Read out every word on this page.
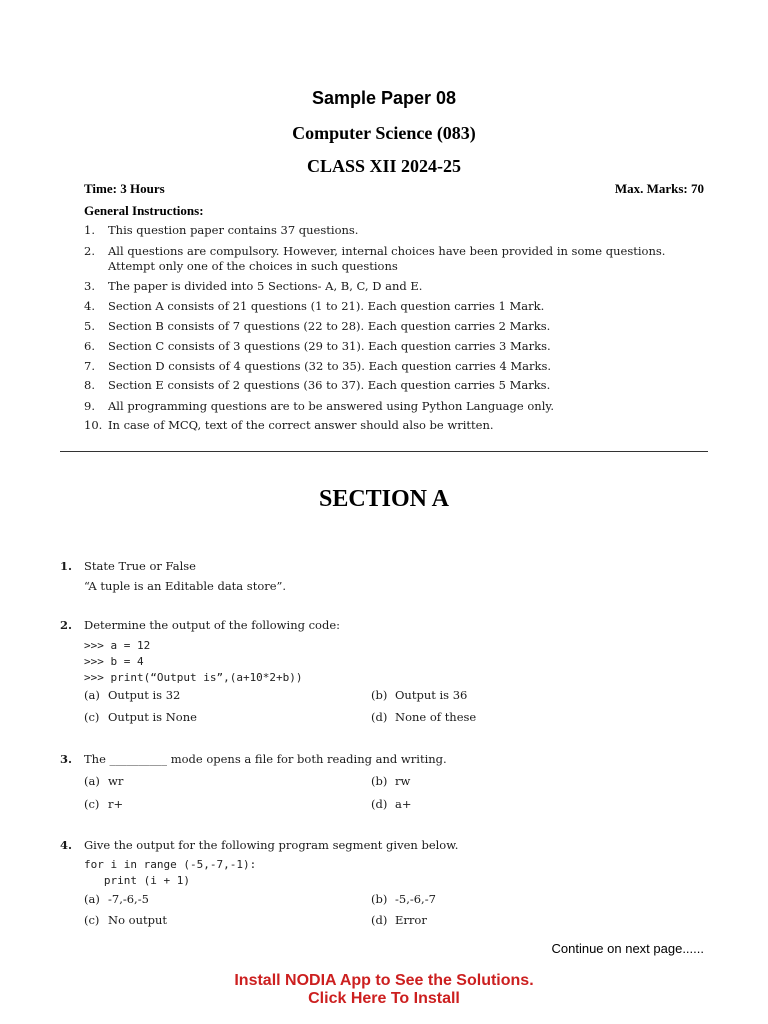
Sample Paper 08
Computer Science (083)
CLASS XII 2024-25
Time: 3 Hours	Max. Marks: 70
General Instructions:
1. This question paper contains 37 questions.
2. All questions are compulsory. However, internal choices have been provided in some questions. Attempt only one of the choices in such questions
3. The paper is divided into 5 Sections- A, B, C, D and E.
4. Section A consists of 21 questions (1 to 21). Each question carries 1 Mark.
5. Section B consists of 7 questions (22 to 28). Each question carries 2 Marks.
6. Section C consists of 3 questions (29 to 31). Each question carries 3 Marks.
7. Section D consists of 4 questions (32 to 35). Each question carries 4 Marks.
8. Section E consists of 2 questions (36 to 37). Each question carries 5 Marks.
9. All programming questions are to be answered using Python Language only.
10. In case of MCQ, text of the correct answer should also be written.
SECTION A
1. State True or False
“A tuple is an Editable data store”.
2. Determine the output of the following code:
>>> a = 12
>>> b = 4
>>> print(“Output is”,(a+10*2+b))
(a) Output is 32	(b) Output is 36
(c) Output is None	(d) None of these
3. The __________ mode opens a file for both reading and writing.
(a) wr	(b) rw
(c) r+	(d) a+
4. Give the output for the following program segment given below.
for i in range (-5,-7,-1):
print (i + 1)
(a) -7,-6,-5	(b) -5,-6,-7
(c) No output	(d) Error
Continue on next page......
Install NODIA App to See the Solutions.
Click Here To Install
